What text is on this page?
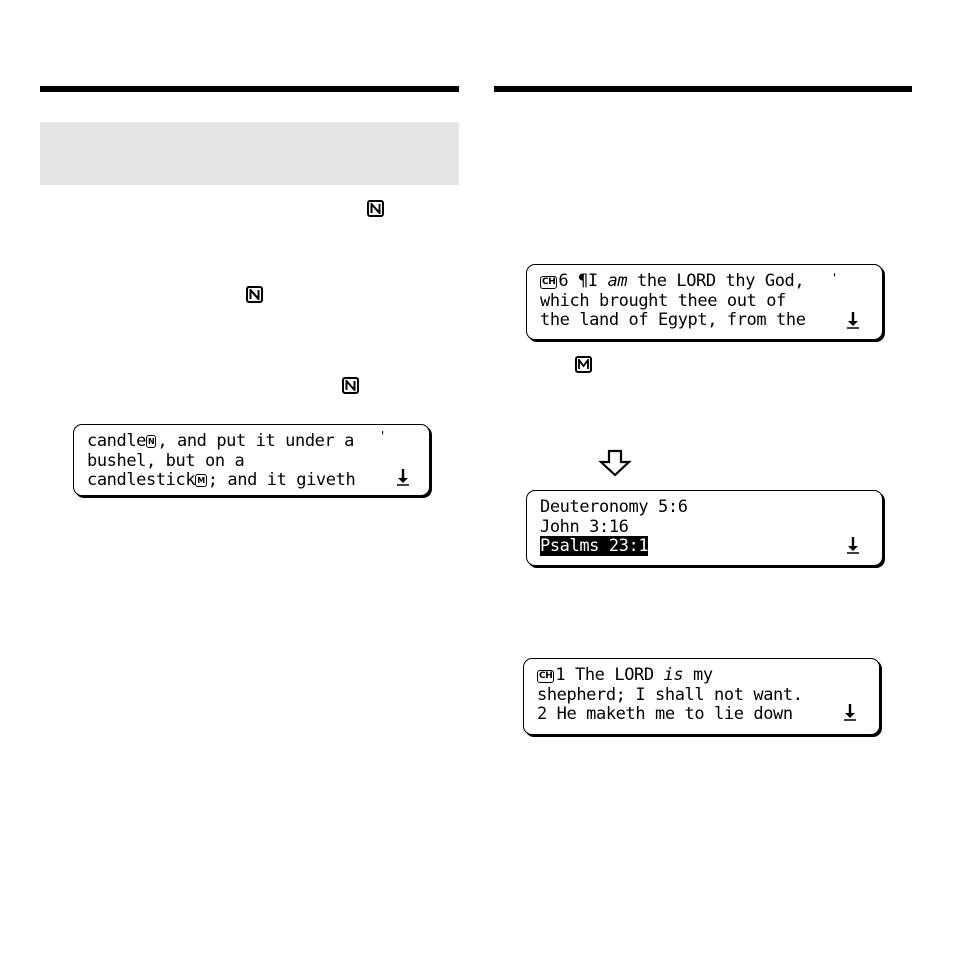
candle N , and put it under a
bushel, but on a
candlestick M ; and it giveth
'
CH 6 ¶I am the LORD thy God,
which brought thee out of
the land of Egypt, from the
'
Deuteronomy 5:6
John 3:16
Psalms 23:1
CH 1 The LORD is my
shepherd; I shall not want.
2 He maketh me to lie down
